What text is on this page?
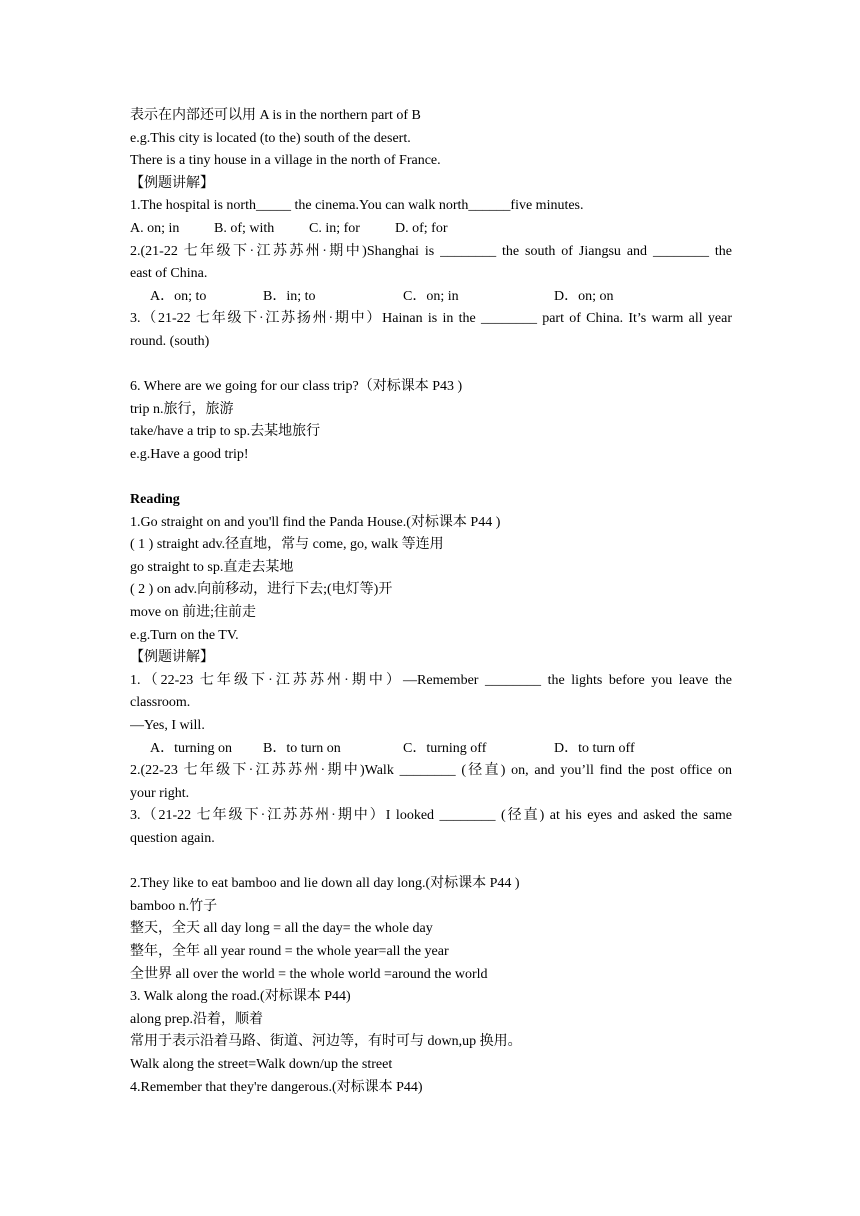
表示在内部还可以用 A is in the northern part of B
e.g.This city is located (to the) south of the desert.
There is a tiny house in a village in the north of France.
【例题讲解】
1.The hospital is north_____ the cinema.You can walk north______five minutes.
A. on; in B. of; with C. in; for	D. of; for
2.(21-22 七年级下·江苏苏州·期中)Shanghai is ________ the south of Jiangsu and ________ the
east of China.
A．on; to	B．in; to	C．on; in	D．on; on
3.（21-22 七年级下·江苏扬州·期中）Hainan is in the ________ part of China. It’s warm all year
round. (south)
6. Where are we going for our class trip?（对标课本 P43 )
trip n.旅行，旅游
take/have a trip to sp.去某地旅行
e.g.Have a good trip!
Reading
1.Go straight on and you'll find the Panda House.(对标课本 P44 )
( 1 ) straight adv.径直地，常与 come, go, walk 等连用
go straight to sp.直走去某地
( 2 ) on adv.向前移动，进行下去;(电灯等)开
move on 前进;往前走
e.g.Turn on the TV.
【例题讲解】
1.（22-23 七年级下·江苏苏州·期中）—Remember ________ the lights before you leave the
classroom.
—Yes, I will.
A．turning on	B．to turn on	C．turning off	D．to turn off
2.(22-23 七年级下·江苏苏州·期中)Walk ________ (径直) on, and you’ll find the post office on
your right.
3.（21-22 七年级下·江苏苏州·期中）I looked ________ (径直) at his eyes and asked the same
question again.
2.They like to eat bamboo and lie down all day long.(对标课本 P44 )
bamboo n.竹子
整天，全天 all day long = all the day= the whole day
整年，全年 all year round = the whole year=all the year
全世界 all over the world = the whole world =around the world
3. Walk along the road.(对标课本 P44)
along prep.沿着，顺着
常用于表示沿着马路、街道、河边等，有时可与 down,up 换用。
Walk along the street=Walk down/up the street
4.Remember that they're dangerous.(对标课本 P44)
